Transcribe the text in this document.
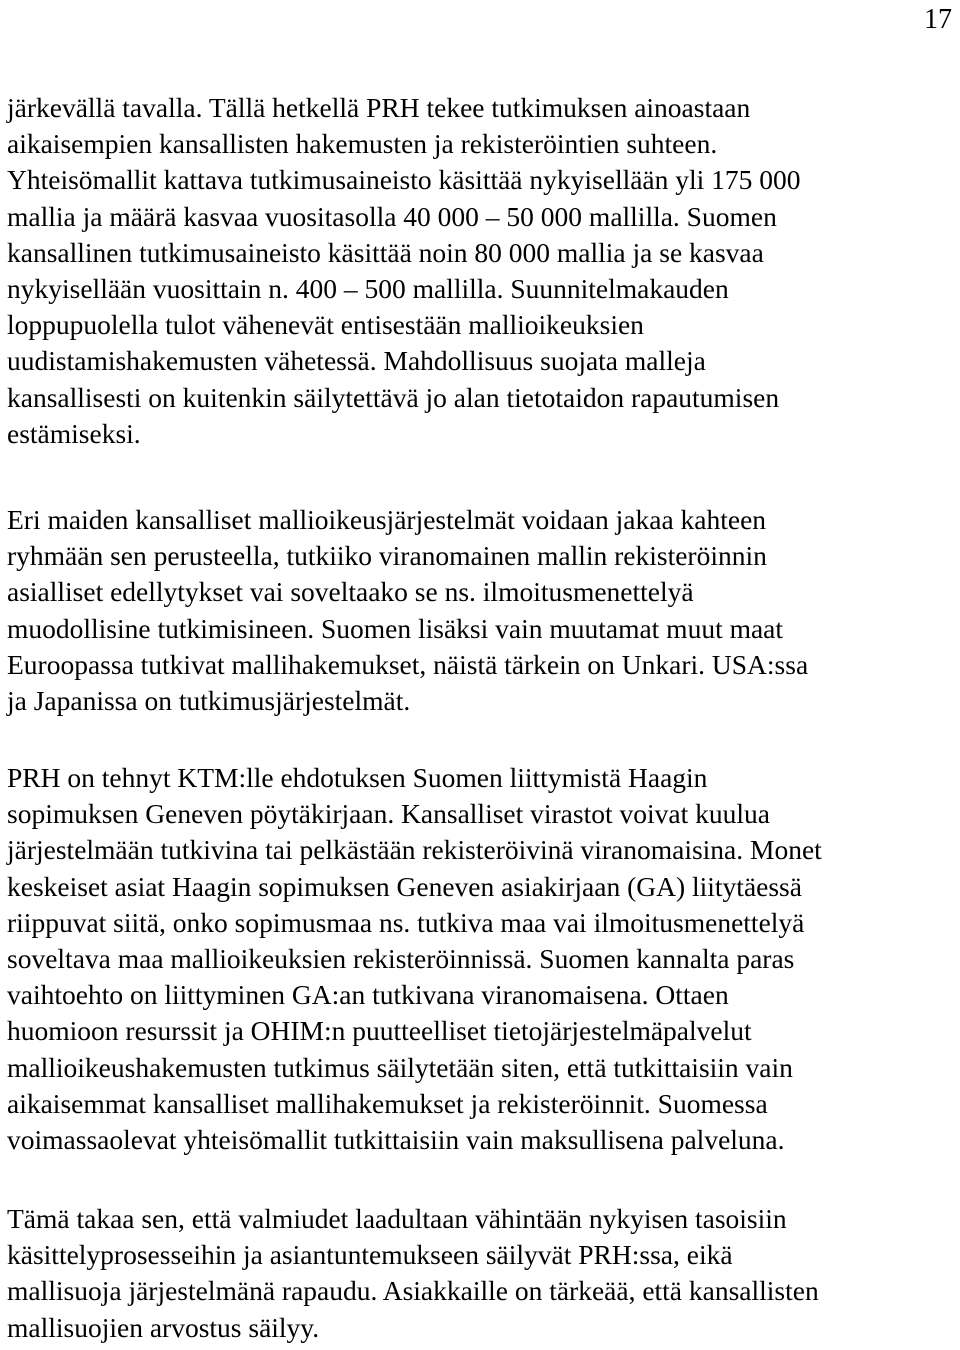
17
järkevällä tavalla. Tällä hetkellä PRH tekee tutkimuksen ainoastaan
aikaisempien kansallisten hakemusten ja rekisteröintien suhteen.
Yhteisömallit kattava tutkimusaineisto käsittää nykyisellään yli 175 000
mallia ja määrä kasvaa vuositasolla 40 000 – 50 000 mallilla. Suomen
kansallinen tutkimusaineisto käsittää noin 80 000 mallia ja se kasvaa
nykyisellään vuosittain n. 400 – 500 mallilla. Suunnitelmakauden
loppupuolella tulot vähenevät entisestään mallioikeuksien
uudistamishakemusten vähetessä. Mahdollisuus suojata malleja
kansallisesti on kuitenkin säilytettävä jo alan tietotaidon rapautumisen
estämiseksi.
Eri maiden kansalliset mallioikeusjärjestelmät voidaan jakaa kahteen
ryhmään sen perusteella, tutkiiko viranomainen mallin rekisteröinnin
asialliset edellytykset vai soveltaako se ns. ilmoitusmenettelyä
muodollisine tutkimisineen. Suomen lisäksi vain muutamat muut maat
Euroopassa tutkivat mallihakemukset, näistä tärkein on Unkari. USA:ssa
ja Japanissa on tutkimusjärjestelmät.
PRH on tehnyt KTM:lle ehdotuksen Suomen liittymistä Haagin
sopimuksen Geneven pöytäkirjaan. Kansalliset virastot voivat kuulua
järjestelmään tutkivina tai pelkästään rekisteröivinä viranomaisina. Monet
keskeiset asiat Haagin sopimuksen Geneven asiakirjaan (GA) liitytäessä
riippuvat siitä, onko sopimusmaa ns. tutkiva maa vai ilmoitusmenettelyä
soveltava maa mallioikeuksien rekisteröinnissä. Suomen kannalta paras
vaihtoehto on liittyminen GA:an tutkivana viranomaisena. Ottaen
huomioon resurssit ja OHIM:n puutteelliset tietojärjestelmäpalvelut
mallioikeushakemusten tutkimus säilytetään siten, että tutkittaisiin vain
aikaisemmat kansalliset mallihakemukset ja rekisteröinnit. Suomessa
voimassaolevat yhteisömallit tutkittaisiin vain maksullisena palveluna.
Tämä takaa sen, että valmiudet laadultaan vähintään nykyisen tasoisiin
käsittelyprosesseihin ja asiantuntemukseen säilyvät PRH:ssa, eikä
mallisuoja järjestelmänä rapaudu. Asiakkaille on tärkeää, että kansallisten
mallisuojien arvostus säilyy.
